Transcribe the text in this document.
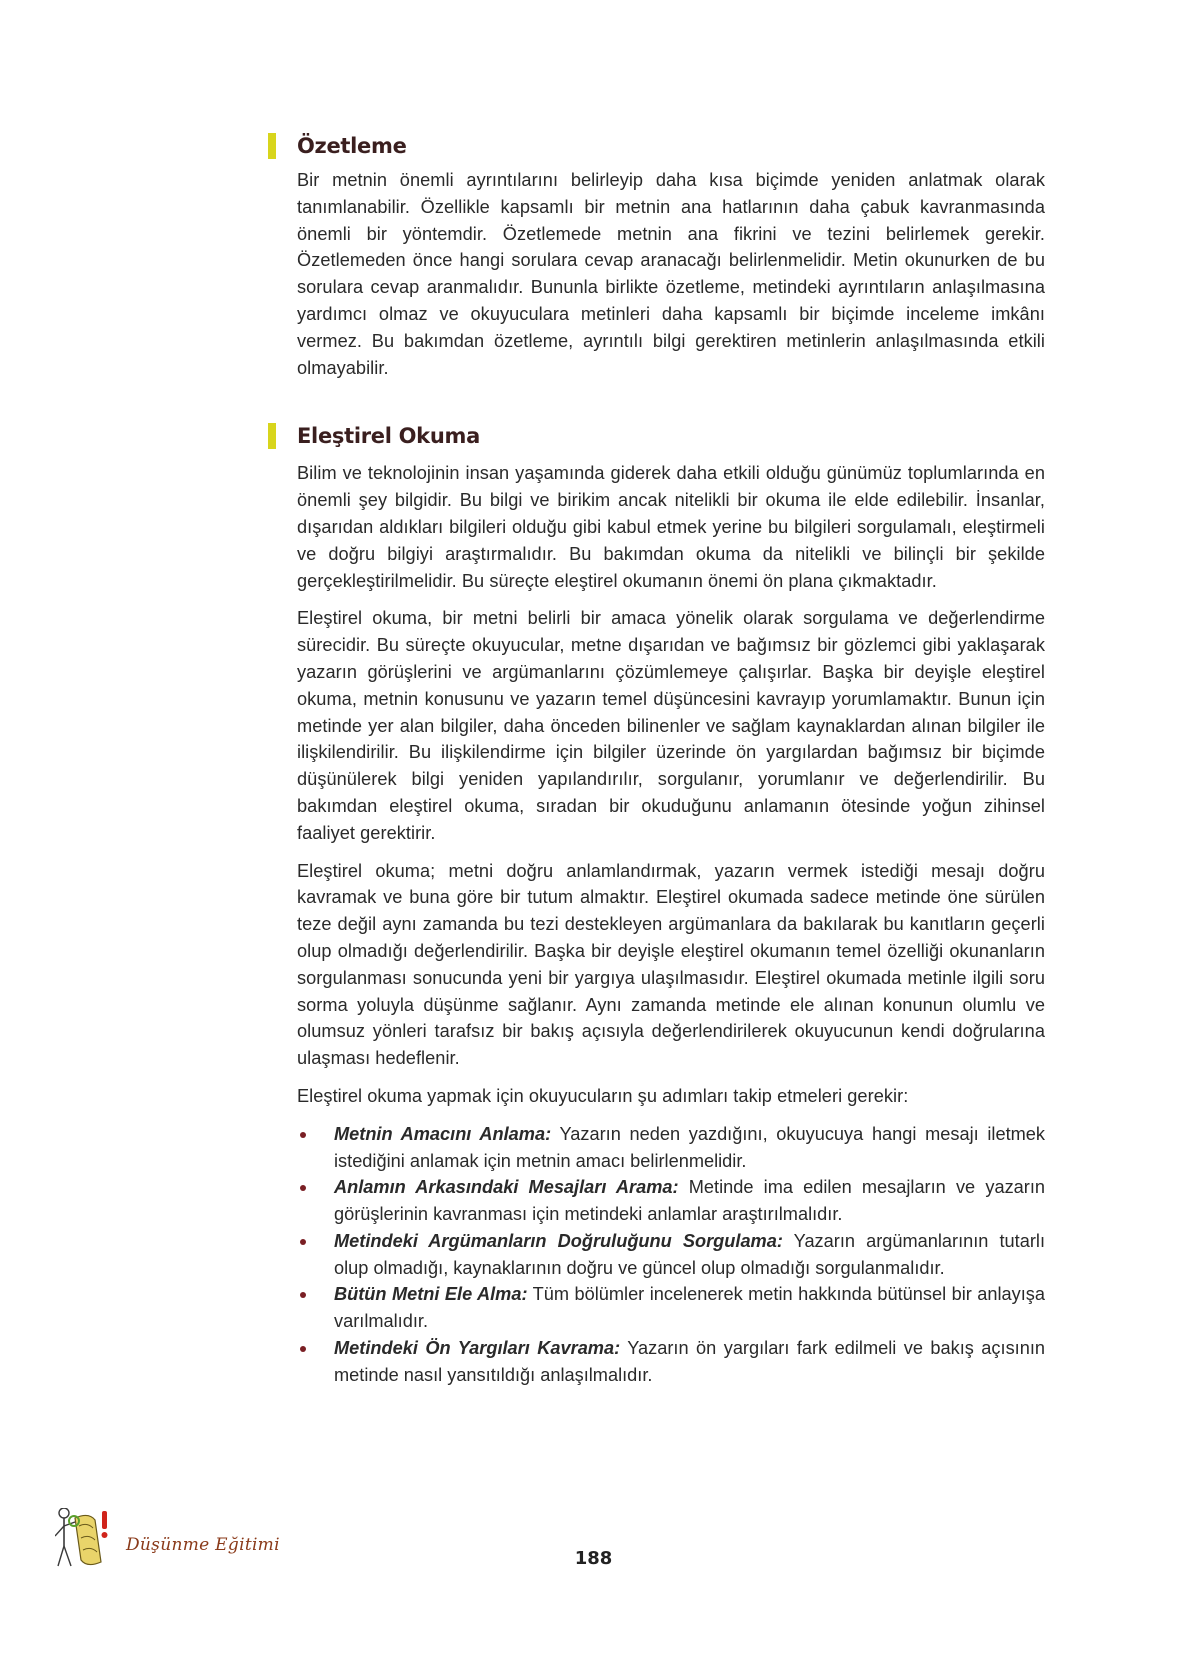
Özetleme

Bir metnin önemli ayrıntılarını belirleyip daha kısa biçimde yeniden anlatmak olarak tanımlanabilir. Özellikle kapsamlı bir metnin ana hatlarının daha çabuk kavranmasında önemli bir yöntemdir. Özetlemede metnin ana fikrini ve tezini belirlemek gerekir. Özetlemeden önce hangi sorulara cevap aranacağı belirlenmelidir. Metin okunurken de bu sorulara cevap aranmalıdır. Bununla birlikte özetleme, metindeki ayrıntıların anlaşılmasına yardımcı olmaz ve okuyuculara metinleri daha kapsamlı bir biçimde inceleme imkânı vermez. Bu bakımdan özetleme, ayrıntılı bilgi gerektiren metinlerin anlaşılmasında etkili olmayabilir.

Eleştirel Okuma

Bilim ve teknolojinin insan yaşamında giderek daha etkili olduğu günümüz toplumlarında en önemli şey bilgidir. Bu bilgi ve birikim ancak nitelikli bir okuma ile elde edilebilir. İnsanlar, dışarıdan aldıkları bilgileri olduğu gibi kabul etmek yerine bu bilgileri sorgulamalı, eleştirmeli ve doğru bilgiyi araştırmalıdır. Bu bakımdan okuma da nitelikli ve bilinçli bir şekilde gerçekleştirilmelidir. Bu süreçte eleştirel okumanın önemi ön plana çıkmaktadır.

Eleştirel okuma, bir metni belirli bir amaca yönelik olarak sorgulama ve değerlendirme sürecidir. Bu süreçte okuyucular, metne dışarıdan ve bağımsız bir gözlemci gibi yaklaşarak yazarın görüşlerini ve argümanlarını çözümlemeye çalışırlar. Başka bir deyişle eleştirel okuma, metnin konusunu ve yazarın temel düşüncesini kavrayıp yorumlamaktır. Bunun için metinde yer alan bilgiler, daha önceden bilinenler ve sağlam kaynaklardan alınan bilgiler ile ilişkilendirilir. Bu ilişkilendirme için bilgiler üzerinde ön yargılardan bağımsız bir biçimde düşünülerek bilgi yeniden yapılandırılır, sorgulanır, yorumlanır ve değerlendirilir. Bu bakımdan eleştirel okuma, sıradan bir okuduğunu anlamanın ötesinde yoğun zihinsel faaliyet gerektirir.

Eleştirel okuma; metni doğru anlamlandırmak, yazarın vermek istediği mesajı doğru kavramak ve buna göre bir tutum almaktır. Eleştirel okumada sadece metinde öne sürülen teze değil aynı zamanda bu tezi destekleyen argümanlara da bakılarak bu kanıtların geçerli olup olmadığı değerlendirilir. Başka bir deyişle eleştirel okumanın temel özelliği okunanların sorgulanması sonucunda yeni bir yargıya ulaşılmasıdır. Eleştirel okumada metinle ilgili soru sorma yoluyla düşünme sağlanır. Aynı zamanda metinde ele alınan konunun olumlu ve olumsuz yönleri tarafsız bir bakış açısıyla değerlendirilerek okuyucunun kendi doğrularına ulaşması hedeflenir.

Eleştirel okuma yapmak için okuyucuların şu adımları takip etmeleri gerekir:

Metnin Amacını Anlama: Yazarın neden yazdığını, okuyucuya hangi mesajı iletmek istediğini anlamak için metnin amacı belirlenmelidir.
Anlamın Arkasındaki Mesajları Arama: Metinde ima edilen mesajların ve yazarın görüşlerinin kavranması için metindeki anlamlar araştırılmalıdır.
Metindeki Argümanların Doğruluğunu Sorgulama: Yazarın argümanlarının tutarlı olup olmadığı, kaynaklarının doğru ve güncel olup olmadığı sorgulanmalıdır.
Bütün Metni Ele Alma: Tüm bölümler incelenerek metin hakkında bütünsel bir anlayışa varılmalıdır.
Metindeki Ön Yargıları Kavrama: Yazarın ön yargıları fark edilmeli ve bakış açısının metinde nasıl yansıtıldığı anlaşılmalıdır.
Düşünme Eğitimi
188
